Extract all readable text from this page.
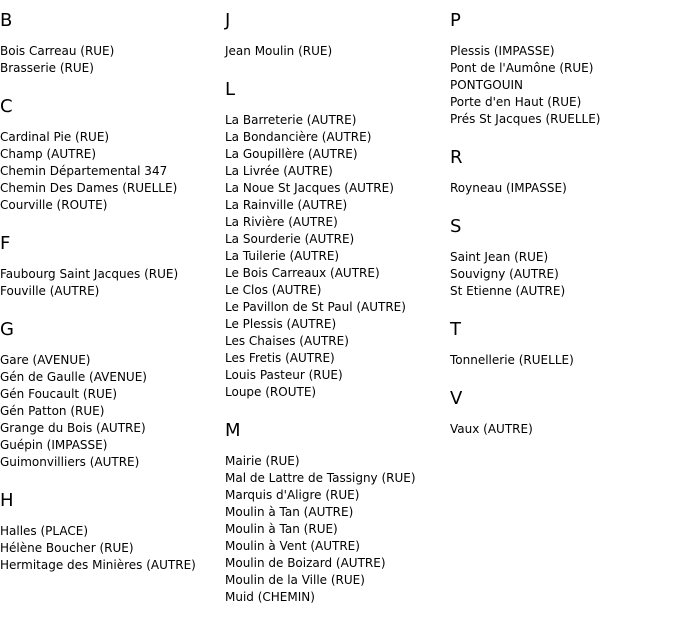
B
Bois Carreau (RUE)
Brasserie (RUE)
C
Cardinal Pie (RUE)
Champ (AUTRE)
Chemin Départemental 347
Chemin Des Dames (RUELLE)
Courville (ROUTE)
F
Faubourg Saint Jacques (RUE)
Fouville (AUTRE)
G
Gare (AVENUE)
Gén de Gaulle (AVENUE)
Gén Foucault (RUE)
Gén Patton (RUE)
Grange du Bois (AUTRE)
Guépin (IMPASSE)
Guimonvilliers (AUTRE)
H
Halles (PLACE)
Hélène Boucher (RUE)
Hermitage des Minières (AUTRE)
J
Jean Moulin (RUE)
L
La Barreterie (AUTRE)
La Bondancière (AUTRE)
La Goupillère (AUTRE)
La Livrée (AUTRE)
La Noue St Jacques (AUTRE)
La Rainville (AUTRE)
La Rivière (AUTRE)
La Sourderie (AUTRE)
La Tuilerie (AUTRE)
Le Bois Carreaux (AUTRE)
Le Clos (AUTRE)
Le Pavillon de St Paul (AUTRE)
Le Plessis (AUTRE)
Les Chaises (AUTRE)
Les Fretis (AUTRE)
Louis Pasteur (RUE)
Loupe (ROUTE)
M
Mairie (RUE)
Mal de Lattre de Tassigny (RUE)
Marquis d'Aligre (RUE)
Moulin à Tan (AUTRE)
Moulin à Tan (RUE)
Moulin à Vent (AUTRE)
Moulin de Boizard (AUTRE)
Moulin de la Ville (RUE)
Muid (CHEMIN)
P
Plessis (IMPASSE)
Pont de l'Aumône (RUE)
PONTGOUIN
Porte d'en Haut (RUE)
Prés St Jacques (RUELLE)
R
Royneau (IMPASSE)
S
Saint Jean (RUE)
Souvigny (AUTRE)
St Etienne (AUTRE)
T
Tonnellerie (RUELLE)
V
Vaux (AUTRE)
